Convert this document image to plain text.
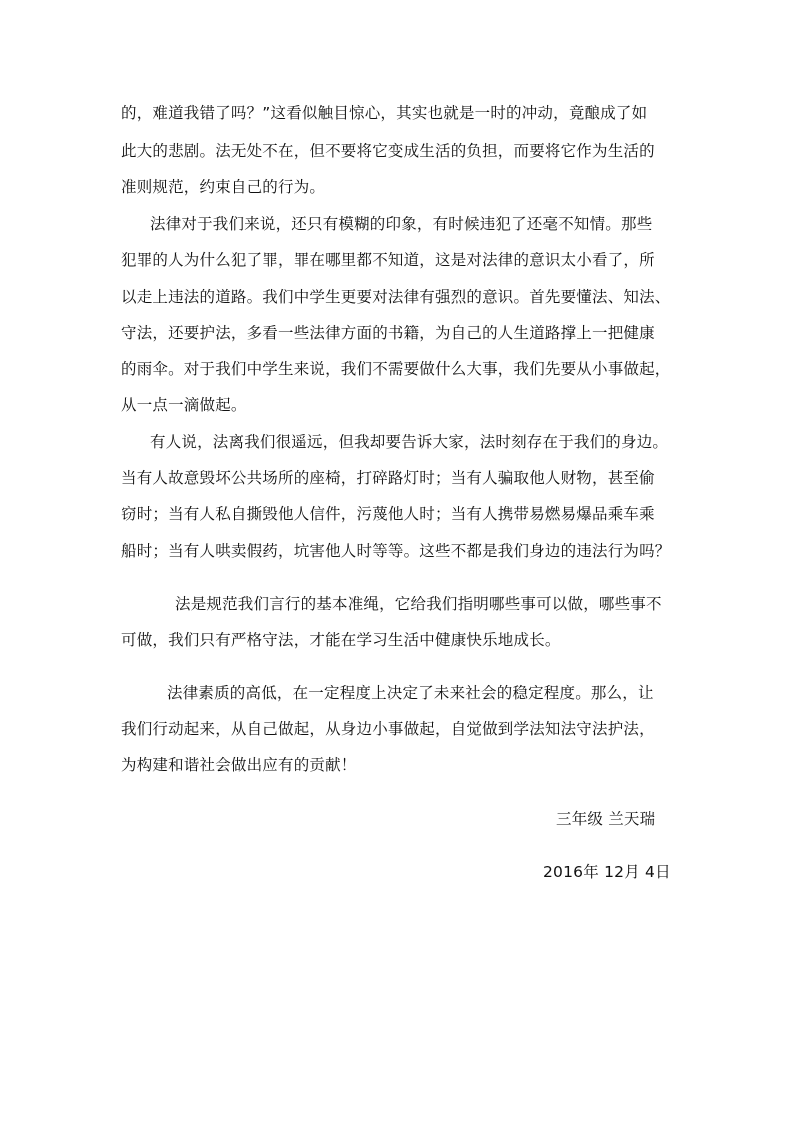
的，难道我错了吗？”这看似触目惊心，其实也就是一时的冲动，竟酿成了如
此大的悲剧。法无处不在，但不要将它变成生活的负担，而要将它作为生活的
准则规范，约束自己的行为。
法律对于我们来说，还只有模糊的印象，有时候违犯了还毫不知情。那些
犯罪的人为什么犯了罪，罪在哪里都不知道，这是对法律的意识太小看了，所
以走上违法的道路。我们中学生更要对法律有强烈的意识。首先要懂法、知法、
守法，还要护法，多看一些法律方面的书籍，为自己的人生道路撑上一把健康
的雨伞。对于我们中学生来说，我们不需要做什么大事，我们先要从小事做起，
从一点一滴做起。
有人说，法离我们很遥远，但我却要告诉大家，法时刻存在于我们的身边。
当有人故意毁坏公共场所的座椅，打碎路灯时；当有人骗取他人财物，甚至偷
窃时；当有人私自撕毁他人信件，污蔑他人时；当有人携带易燃易爆品乘车乘
船时；当有人哄卖假药，坑害他人时等等。这些不都是我们身边的违法行为吗？
法是规范我们言行的基本准绳，它给我们指明哪些事可以做，哪些事不
可做，我们只有严格守法，才能在学习生活中健康快乐地成长。
法律素质的高低，在一定程度上决定了未来社会的稳定程度。那么，让
我们行动起来，从自己做起，从身边小事做起，自觉做到学法知法守法护法，
为构建和谐社会做出应有的贡献！
三年级 兰天瑞
2016年 12月 4日
